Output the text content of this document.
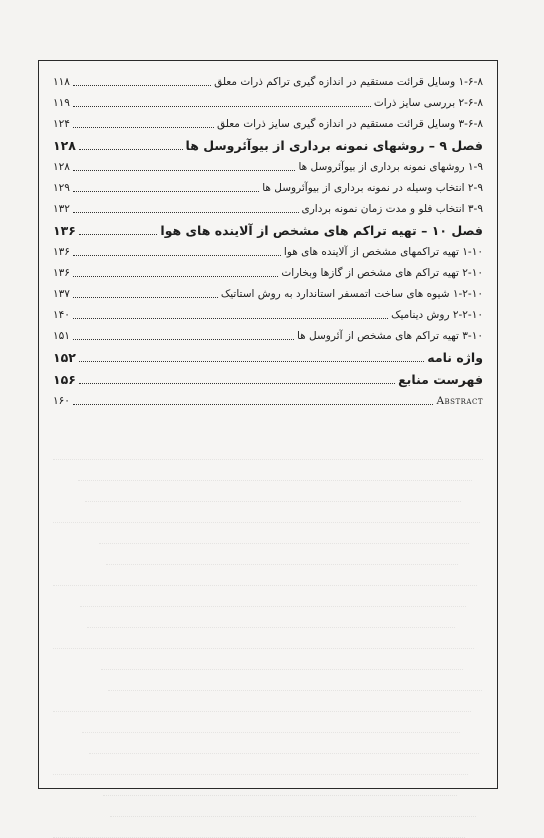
۱-۶-۸ وسایل قرائت مستقیم در اندازه گیری تراکم ذرات معلق
۱۱۸
۲-۶-۸ بررسی سایز ذرات
۱۱۹
۳-۶-۸ وسایل قرائت مستقیم در اندازه گیری سایز ذرات معلق
۱۲۴
فصل ۹ – روشهای نمونه برداری از بیوآئروسل ها
۱۲۸
۱-۹ روشهای نمونه برداری از بیوآئروسل ها
۱۲۸
۲-۹ انتخاب وسیله در نمونه برداری از بیوآئروسل ها
۱۲۹
۳-۹ انتخاب فلو و مدت زمان نمونه برداری
۱۳۲
فصل ۱۰ – تهیه تراکم های مشخص از آلاینده های هوا
۱۳۶
۱-۱۰ تهیه تراکمهای مشخص از آلاینده های هوا
۱۳۶
۲-۱۰ تهیه تراکم های مشخص از گازها وبخارات
۱۳۶
۱-۲-۱۰ شیوه های ساخت اتمسفر استاندارد به روش استاتیک
۱۳۷
۲-۲-۱۰ روش دینامیک
۱۴۰
۳-۱۰ تهیه تراکم های مشخص از آئروسل ها
۱۵۱
واژه نامه
۱۵۲
فهرست منابع
۱۵۶
Abstract
۱۶۰
